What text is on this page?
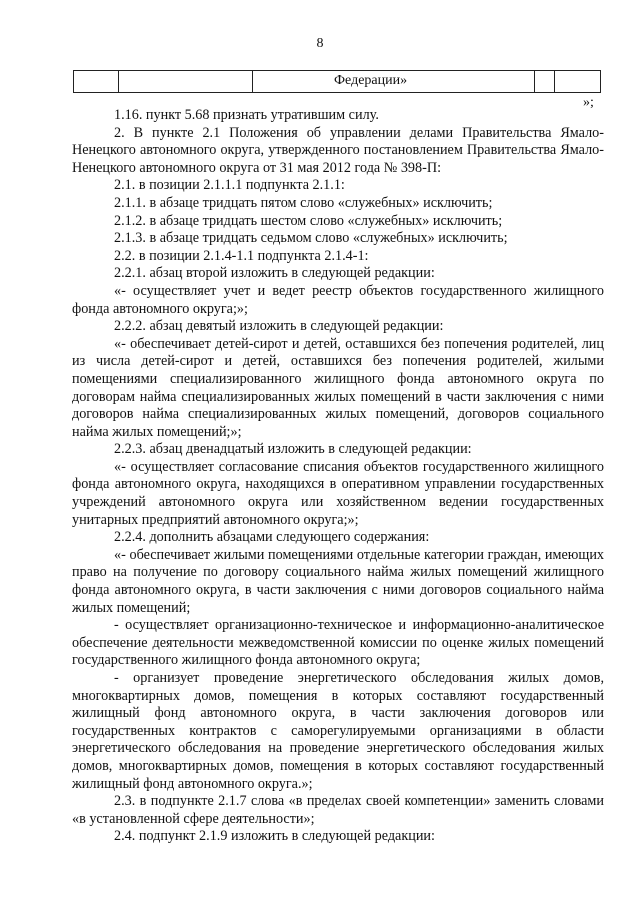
8
Федерации»
»;

1.16. пункт 5.68 признать утратившим силу.

2. В пункте 2.1 Положения об управлении делами Правительства Ямало-Ненецкого автономного округа, утвержденного постановлением Правительства Ямало-Ненецкого автономного округа от 31 мая 2012 года № 398-П:

2.1. в позиции 2.1.1.1 подпункта 2.1.1:

2.1.1. в абзаце тридцать пятом слово «служебных» исключить;

2.1.2. в абзаце тридцать шестом слово «служебных» исключить;

2.1.3. в абзаце тридцать седьмом слово «служебных» исключить;

2.2. в позиции 2.1.4-1.1 подпункта 2.1.4-1:

2.2.1. абзац второй изложить в следующей редакции:

«- осуществляет учет и ведет реестр объектов государственного жилищного фонда автономного округа;»;

2.2.2. абзац девятый изложить в следующей редакции:

«- обеспечивает детей-сирот и детей, оставшихся без попечения родителей, лиц из числа детей-сирот и детей, оставшихся без попечения родителей, жилыми помещениями специализированного жилищного фонда автономного округа по договорам найма специализированных жилых помещений в части заключения с ними договоров найма специализированных жилых помещений, договоров социального найма жилых помещений;»;

2.2.3. абзац двенадцатый изложить в следующей редакции:

«- осуществляет согласование списания объектов государственного жилищного фонда автономного округа, находящихся в оперативном управлении государственных учреждений автономного округа или хозяйственном ведении государственных унитарных предприятий автономного округа;»;

2.2.4. дополнить абзацами следующего содержания:

«- обеспечивает жилыми помещениями отдельные категории граждан, имеющих право на получение по договору социального найма жилых помещений жилищного фонда автономного округа, в части заключения с ними договоров социального найма жилых помещений;

- осуществляет организационно-техническое и информационно-аналитическое обеспечение деятельности межведомственной комиссии по оценке жилых помещений государственного жилищного фонда автономного округа;

- организует проведение энергетического обследования жилых домов, многоквартирных домов, помещения в которых составляют государственный жилищный фонд автономного округа, в части заключения договоров или государственных контрактов с саморегулируемыми организациями в области энергетического обследования на проведение энергетического обследования жилых домов, многоквартирных домов, помещения в которых составляют государственный жилищный фонд автономного округа.»;

2.3. в подпункте 2.1.7 слова «в пределах своей компетенции» заменить словами «в установленной сфере деятельности»;

2.4. подпункт 2.1.9 изложить в следующей редакции:
